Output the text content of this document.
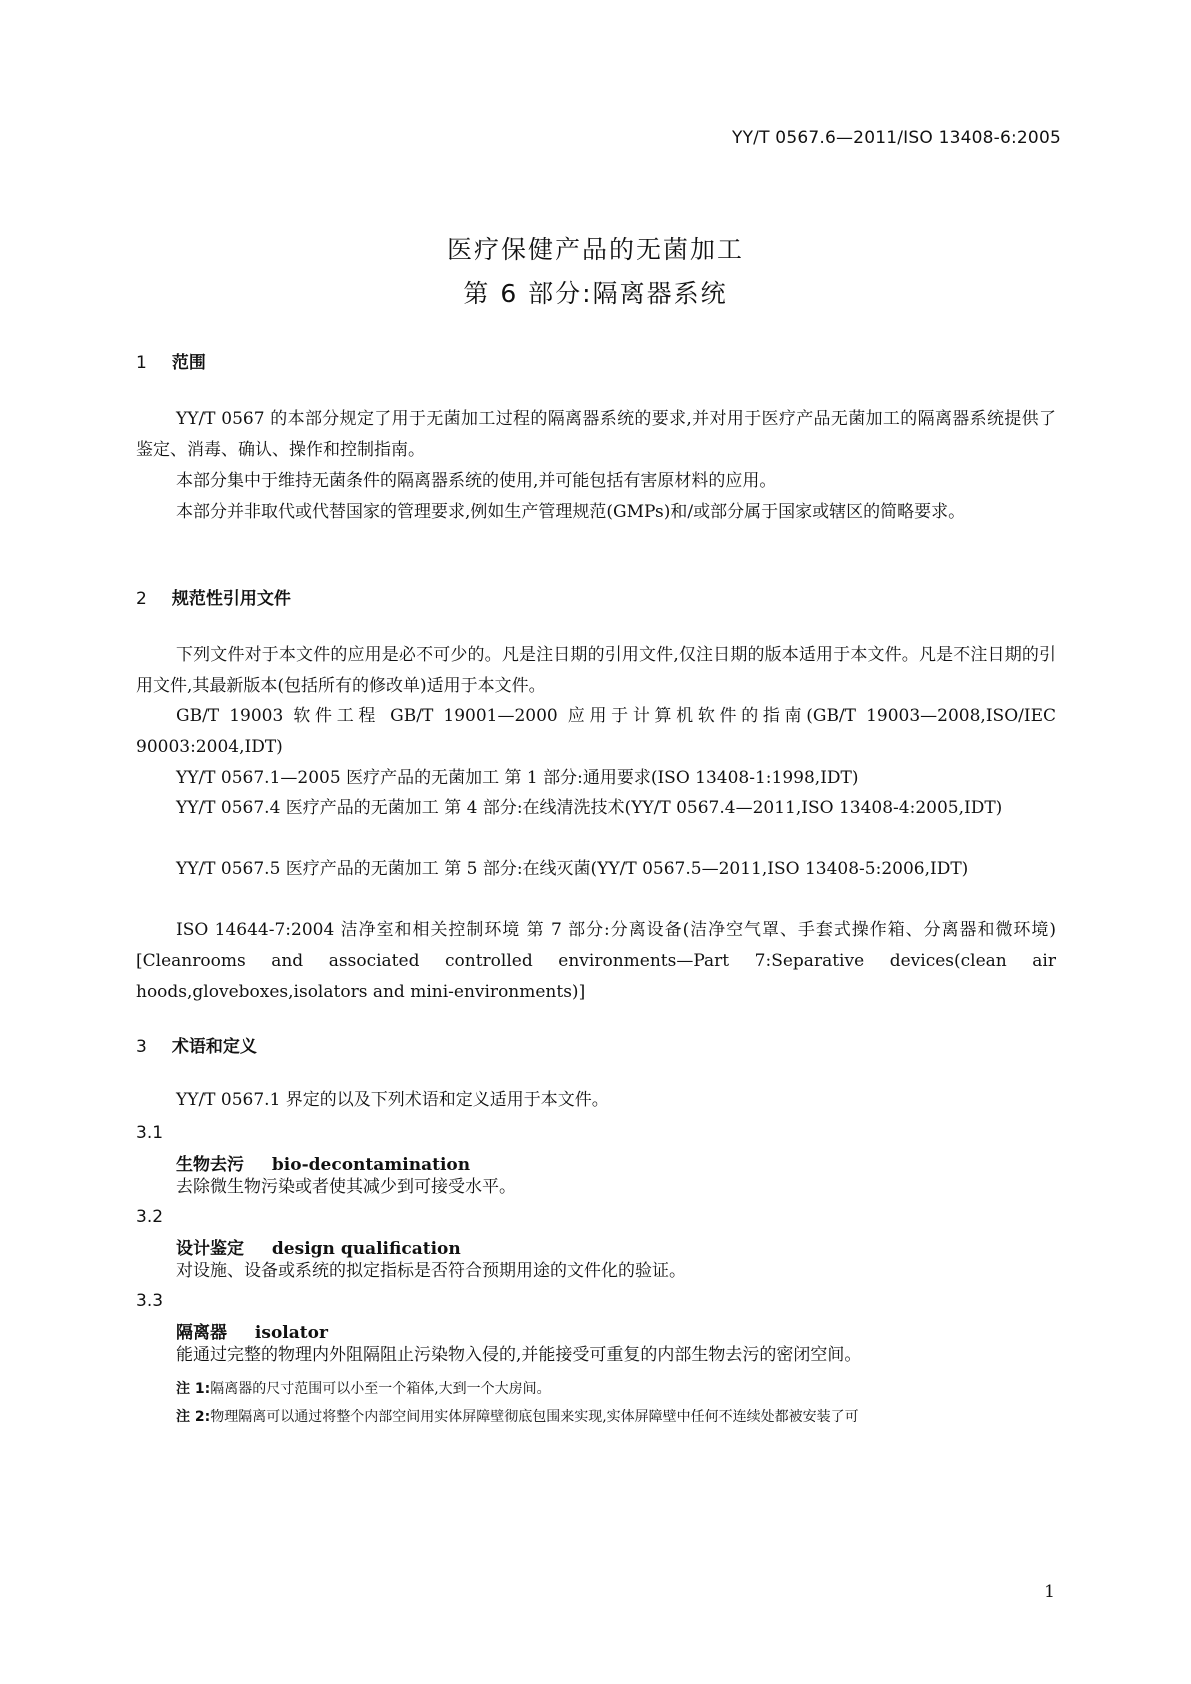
YY/T 0567.6—2011/ISO 13408-6:2005
医疗保健产品的无菌加工
第 6 部分:隔离器系统
1 范围
YY/T 0567 的本部分规定了用于无菌加工过程的隔离器系统的要求,并对用于医疗产品无菌加工的隔离器系统提供了鉴定、消毒、确认、操作和控制指南。
本部分集中于维持无菌条件的隔离器系统的使用,并可能包括有害原材料的应用。
本部分并非取代或代替国家的管理要求,例如生产管理规范(GMPs)和/或部分属于国家或辖区的简略要求。
2 规范性引用文件
下列文件对于本文件的应用是必不可少的。凡是注日期的引用文件,仅注日期的版本适用于本文件。凡是不注日期的引用文件,其最新版本(包括所有的修改单)适用于本文件。
GB/T 19003 软件工程 GB/T 19001—2000 应用于计算机软件的指南(GB/T 19003—2008,ISO/IEC 90003:2004,IDT)
YY/T 0567.1—2005 医疗产品的无菌加工 第 1 部分:通用要求(ISO 13408-1:1998,IDT)
YY/T 0567.4 医疗产品的无菌加工 第 4 部分:在线清洗技术(YY/T 0567.4—2011,ISO 13408-4:2005,IDT)
YY/T 0567.5 医疗产品的无菌加工 第 5 部分:在线灭菌(YY/T 0567.5—2011,ISO 13408-5:2006,IDT)
ISO 14644-7:2004 洁净室和相关控制环境 第 7 部分:分离设备(洁净空气罩、手套式操作箱、分离器和微环境)[Cleanrooms and associated controlled environments—Part 7:Separative devices(clean air hoods,gloveboxes,isolators and mini-environments)]
3 术语和定义
YY/T 0567.1 界定的以及下列术语和定义适用于本文件。
3.1
生物去污 bio-decontamination
去除微生物污染或者使其减少到可接受水平。
3.2
设计鉴定 design qualification
对设施、设备或系统的拟定指标是否符合预期用途的文件化的验证。
3.3
隔离器 isolator
能通过完整的物理内外阻隔阻止污染物入侵的,并能接受可重复的内部生物去污的密闭空间。
注 1:隔离器的尺寸范围可以小至一个箱体,大到一个大房间。
注 2:物理隔离可以通过将整个内部空间用实体屏障壁彻底包围来实现,实体屏障壁中任何不连续处都被安装了可
1
